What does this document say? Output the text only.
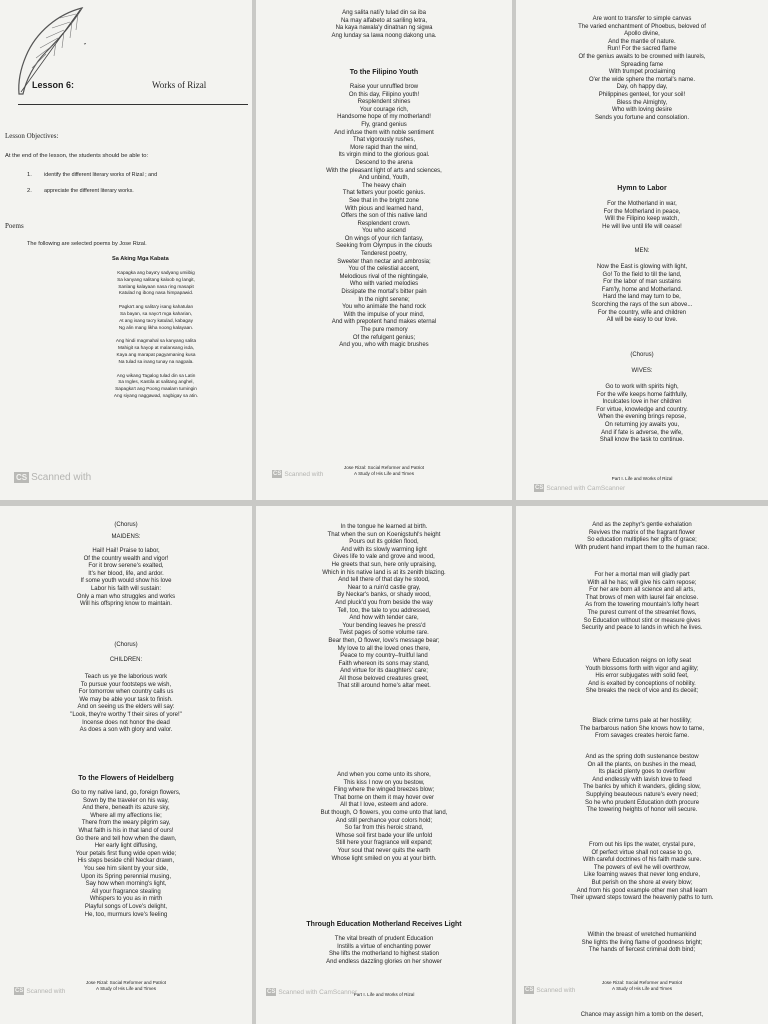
Lesson 6:	Works of Rizal
Lesson Objectives:
At the end of the lesson, the students should be able to:
1. identify the different literary works of Rizal ; and
2. appreciate the different literary works.
Poems
The following are selected poems by Jose Rizal.
Sa Aking Mga Kabata
Kapagka ang baya'y sadyang umiibig
Sa kanyang salitang kaloob ng langit,
Sanlang kalayaan nasa ring masapit
Katulad ng ibong nasa himpapawid.
Pagka't ang salita'y isang kahatulan
Sa bayan, sa nayo't mga kaharian,
At ang isang tao'y katulad, kabagay
Ng alin mang likha noong kalayaan.
Ang hindi magmahal sa kanyang salita
Mahigit sa hayop at malansang isda,
Kaya ang marapat pagyamaning kusa
Na tulad sa inang tunay na nagpala.
Ang wikang Tagalog tulad din sa Latin
Sa Ingles, Kastila at salitang anghel,
Sapagka't ang Poong maalam tumingin
Ang siyang naggawad, nagbigay sa atin.
CS Scanned with
Ang salita nati'y tulad din sa iba
Na may alfabeto at sariling letra,
Na kaya nawala'y dinatnan ng sigwa
Ang lunday sa lawa noong dakong una.
To the Filipino Youth
Raise your unruffled brow
On this day, Filipino youth!
Resplendent shines
Your courage rich,
Handsome hope of my motherland!
Fly, grand genius
And infuse them with noble sentiment
That vigorously rushes,
More rapid than the wind,
Its virgin mind to the glorious goal.
Descend to the arena
With the pleasant light of arts and sciences,
And unbind, Youth,
The heavy chain
That fetters your poetic genius.
See that in the bright zone
With pious and learned hand,
Offers the son of this native land
Resplendent crown.
You who ascend
On wings of your rich fantasy,
Seeking from Olympus in the clouds
Tenderest poetry,
Sweeter than nectar and ambrosia;
You of the celestial accent,
Melodious rival of the nightingale,
Who with varied melodies
Dissipate the mortal's bitter pain
In the night serene;
You who animate the hand rock
With the impulse of your mind,
And with prepotent hand makes eternal
The pure memory
Of the refulgent genius;
And you, who with magic brushes
Jose Rizal: Social Reformer and Patriot
A Study of His Life and Times
CS Scanned with
Are wont to transfer to simple canvas
The varied enchantment of Phoebus, beloved of
Apollo divine,
And the mantle of nature.
Run! For the sacred flame
Of the genius awaits to be crowned with laurels,
Spreading fame
With trumpet proclaiming
O'er the wide sphere the mortal's name.
Day, oh happy day,
Philippines genteel, for your soil!
Bless the Almighty,
Who with loving desire
Sends you fortune and consolation.
Hymn to Labor
For the Motherland in war,
For the Motherland in peace,
Will the Filipino keep watch,
He will live until life will cease!
MEN:
Now the East is glowing with light,
Go! To the field to till the land,
For the labor of man sustains
Fam'ly, home and Motherland.
Hard the land may turn to be,
Scorching the rays of the sun above...
For the country, wife and children
All will be easy to our love.
(Chorus)
WIVES:
Go to work with spirits high,
For the wife keeps home faithfully,
Inculcates love in her children
For virtue, knowledge and country.
When the evening brings repose,
On returning joy awaits you,
And if fate is adverse, the wife,
Shall know the task to continue.
Part I. Life and Works of Rizal
CS Scanned with CamScanner
(Chorus)
MAIDENS:
Hail! Hail! Praise to labor,
Of the country wealth and vigor!
For it brow serene's exalted,
It's her blood, life, and ardor.
If some youth would show his love
Labor his faith will sustain:
Only a man who struggles and works
Will his offspring know to maintain.
(Chorus)
CHILDREN:
Teach us ye the laborious work
To pursue your footsteps we wish,
For tomorrow when country calls us
We may be able your task to finish.
And on seeing us the elders will say:
"Look, they're worthy 'f their sires of yore!"
Incense does not honor the dead
As does a son with glory and valor.
To the Flowers of Heidelberg
Go to my native land, go, foreign flowers,
Sown by the traveler on his way,
And there, beneath its azure sky,
Where all my affections lie;
There from the weary pilgrim say,
What faith is his in that land of ours!
Go there and tell how when the dawn,
Her early light diffusing,
Your petals first flung wide open wide;
His steps beside chill Neckar drawn,
You see him silent by your side,
Upon its Spring perennial musing,
Say how when morning's light,
All your fragrance stealing
Whispers to you as in mirth
Playful songs of Love's delight,
He, too, murmurs love's feeling
Jose Rizal: Social Reformer and Patriot
A Study of His Life and Times
CS Scanned with
In the tongue he learned at birth.
That when the sun on Koenigstuhl's height
Pours out its golden flood,
And with its slowly warming light
Gives life to vale and grove and wood,
He greets that sun, here only upraising,
Which in his native land is at its zenith blazing.
And tell there of that day he stood,
Near to a ruin'd castle gray,
By Neckar's banks, or shady wood,
And pluck'd you from beside the way
Tell, too, the tale to you addressed,
And how with tender care,
Your bending leaves he press'd
Twist pages of some volume rare.
Bear then, O flower, love's message bear;
My love to all the loved ones there,
Peace to my country–fruitful land
Faith whereon its sons may stand,
And virtue for its daughters' care;
All those beloved creatures greet,
That still around home's altar meet.
And when you come unto its shore,
This kiss I now on you bestow,
Fling where the winged breezes blow;
That borne on them it may hover over
All that I love, esteem and adore.
But though, O flowers, you come unto that land,
And still perchance your colors hold;
So far from this heroic strand,
Whose soil first bade your life unfold
Still here your fragrance will expand;
Your soul that never quits the earth
Whose light smiled on you at your birth.
Through Education Motherland Receives Light
The vital breath of prudent Education
Instills a virtue of enchanting power
She lifts the motherland to highest station
And endless dazzling glories on her shower
Part I. Life and Works of Rizal
CS Scanned with CamScanner
And as the zephyr's gentle exhalation
Revives the matrix of the fragrant flower
So education multiplies her gifts of grace;
With prudent hand impart them to the human race.
For her a mortal man will gladly part
With all he has; will give his calm repose;
For her are born all science and all arts,
That brows of men with laurel fair enclose.
As from the towering mountain's lofty heart
The purest current of the streamlet flows,
So Education without stint or measure gives
Security and peace to lands in which he lives.
Where Education reigns on lofty seat
Youth blossoms forth with vigor and agility;
His error subjugates with solid feet,
And is exalted by conceptions of nobility.
She breaks the neck of vice and its deceit;
Black crime turns pale at her hostility;
The barbarous nation She knows how to tame,
From savages creates heroic fame.
And as the spring doth sustenance bestow
On all the plants, on bushes in the mead,
Its placid plenty goes to overflow
And endlessly with lavish love to feed
The banks by which it wanders, gliding slow,
Supplying beauteous nature's every need;
So he who prudent Education doth procure
The towering heights of honor will secure.
From out his lips the water, crystal pure,
Of perfect virtue shall not cease to go,
With careful doctrines of his faith made sure.
The powers of evil he will overthrow,
Like foaming waves that never long endure,
But perish on the shore at every blow;
And from his good example other men shall learn
Their upward steps toward the heavenly paths to turn.
Within the breast of wretched humankind
She lights the living flame of goodness bright;
The hands of fiercest criminal doth bind;
Jose Rizal: Social Reformer and Patriot
A Study of His Life and Times
CS Scanned with
Chance may assign him a tomb on the desert,
